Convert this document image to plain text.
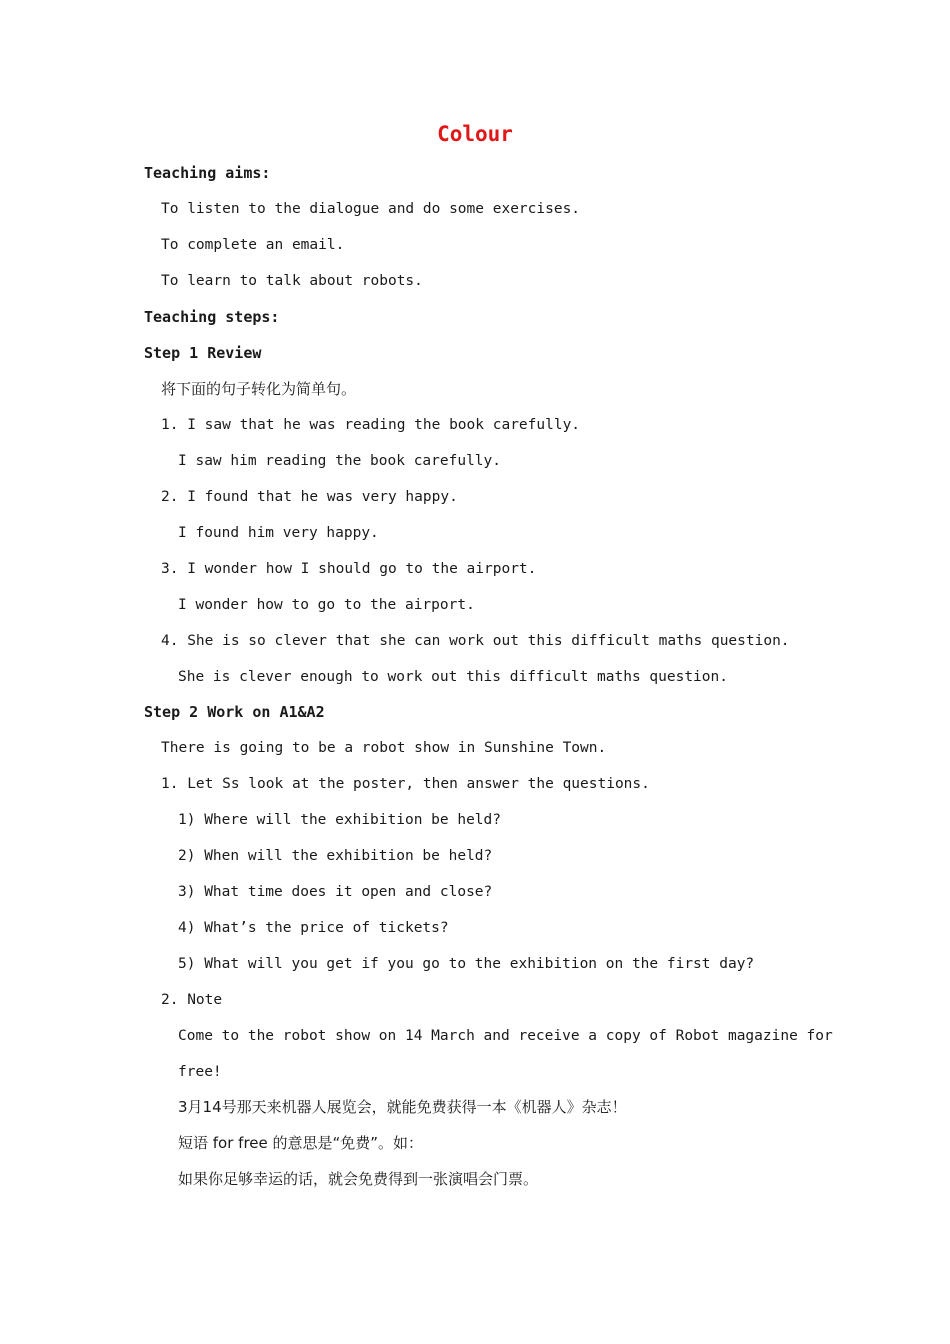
Colour
Teaching aims:
To listen to the dialogue and do some exercises.
To complete an email.
To learn to talk about robots.
Teaching steps:
Step 1 Review
将下面的句子转化为简单句。
1. I saw that he was reading the book carefully.
I saw him reading the book carefully.
2. I found that he was very happy.
I found him very happy.
3. I wonder how I should go to the airport.
I wonder how to go to the airport.
4. She is so clever that she can work out this difficult maths question.
She is clever enough to work out this difficult maths question.
Step 2 Work on A1&A2
There is going to be a robot show in Sunshine Town.
1. Let Ss look at the poster, then answer the questions.
1) Where will the exhibition be held?
2) When will the exhibition be held?
3) What time does it open and close?
4) What’s the price of tickets?
5) What will you get if you go to the exhibition on the first day?
2. Note
Come to the robot show on 14 March and receive a copy of Robot magazine for
free!
3月14号那天来机器人展览会，就能免费获得一本《机器人》杂志！
短语 for free 的意思是“免费”。如：
如果你足够幸运的话，就会免费得到一张演唱会门票。
